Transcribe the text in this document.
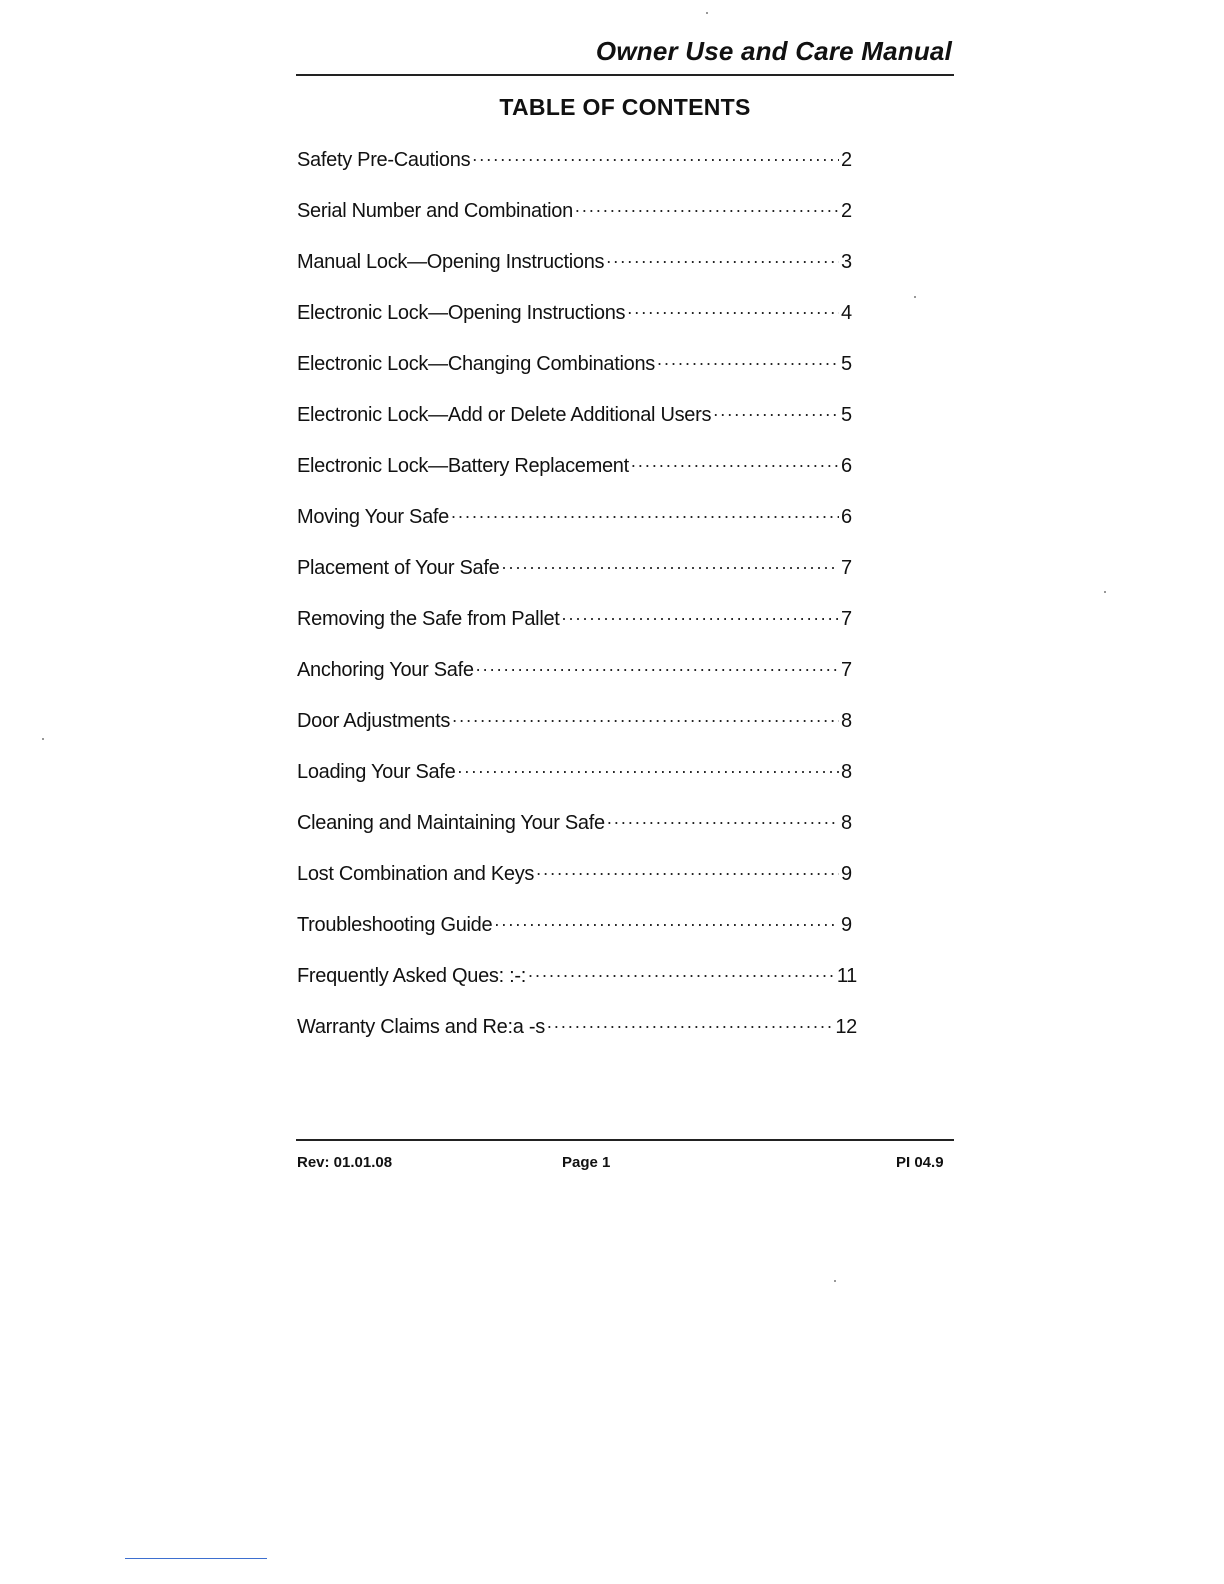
Owner Use and Care Manual
TABLE OF CONTENTS
Safety Pre-Cautions .....	2
Serial Number and Combination .....	2
Manual Lock—Opening Instructions .....	3
Electronic Lock—Opening Instructions .....	4
Electronic Lock—Changing Combinations .....	5
Electronic Lock—Add or Delete Additional Users .....	5
Electronic Lock—Battery Replacement .....	6
Moving Your Safe .....	6
Placement of Your Safe .....	7
Removing the Safe from Pallet .....	7
Anchoring Your Safe .....	7
Door Adjustments .....	8
Loading Your Safe .....	8
Cleaning and Maintaining Your Safe .....	8
Lost Combination and Keys .....	9
Troubleshooting Guide .....	9
Frequently Asked Ques: :-: .....	11
Warranty Claims and Re:a -s .....	12
Rev: 01.01.08	Page 1	PI 04.9
